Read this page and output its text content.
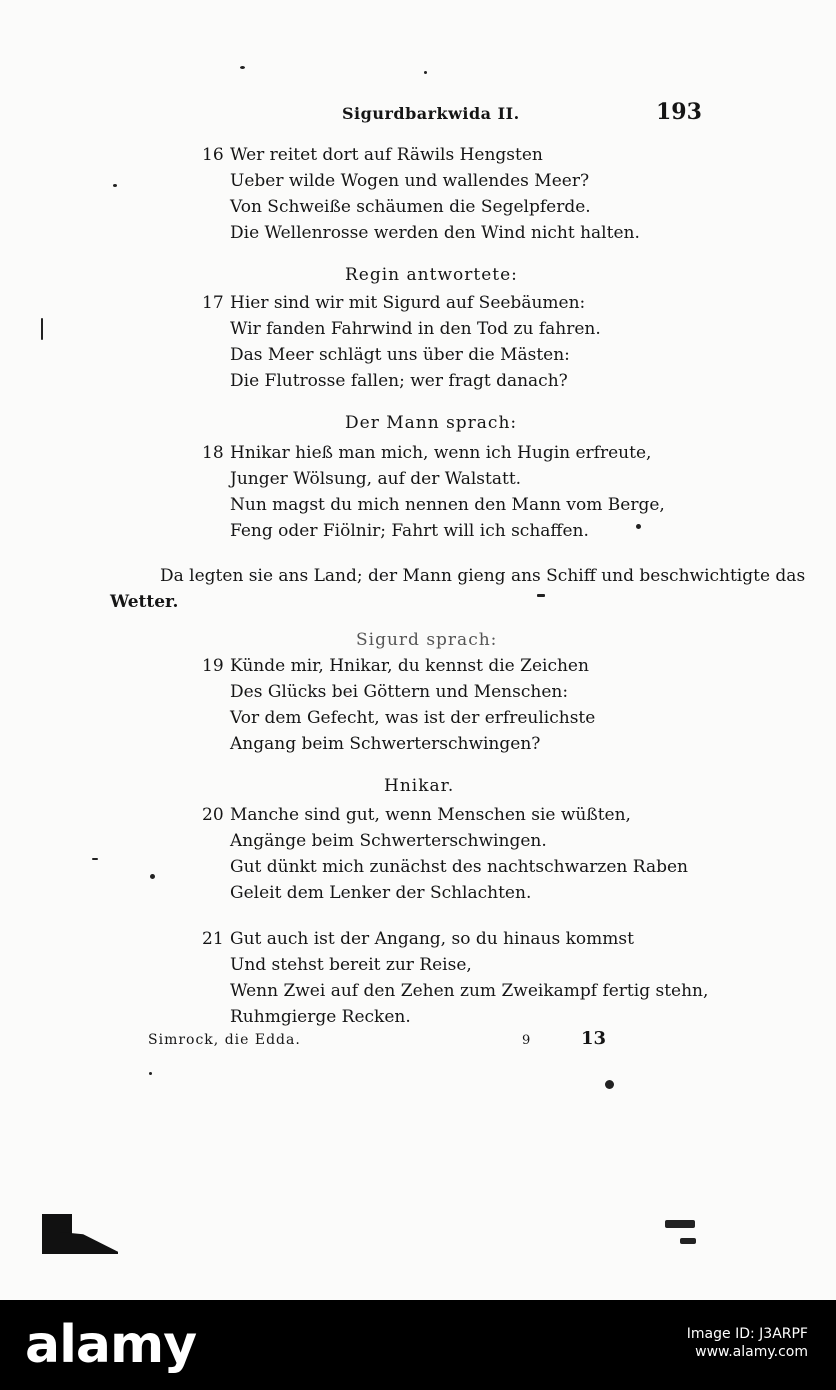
Sigurdbarkwida II.	193
16 Wer reitet dort auf Räwils Hengsten
Ueber wilde Wogen und wallendes Meer?
Von Schweiße schäumen die Segelpferde.
Die Wellenrosse werden den Wind nicht halten.
Regin antwortete:
17 Hier sind wir mit Sigurd auf Seebäumen:
Wir fanden Fahrwind in den Tod zu fahren.
Das Meer schlägt uns über die Mästen:
Die Flutrosse fallen; wer fragt danach?
Der Mann sprach:
18 Hnikar hieß man mich, wenn ich Hugin erfreute,
Junger Wölsung, auf der Walstatt.
Nun magst du mich nennen den Mann vom Berge,
Feng oder Fiölnir; Fahrt will ich schaffen.
Da legten sie ans Land; der Mann gieng ans Schiff und beschwichtigte das
Wetter.
Sigurd sprach:
19 Künde mir, Hnikar, du kennst die Zeichen
Des Glücks bei Göttern und Menschen:
Vor dem Gefecht, was ist der erfreulichste
Angang beim Schwerterschwingen?
Hnikar.
20 Manche sind gut, wenn Menschen sie wüßten,
Angänge beim Schwerterschwingen.
Gut dünkt mich zunächst des nachtschwarzen Raben
Geleit dem Lenker der Schlachten.
21 Gut auch ist der Angang, so du hinaus kommst
Und stehst bereit zur Reise,
Wenn Zwei auf den Zehen zum Zweikampf fertig stehn,
Ruhmgierge Recken.
Simrock, die Edda.	9	13
alamy	Image ID: J3ARPF
www.alamy.com
